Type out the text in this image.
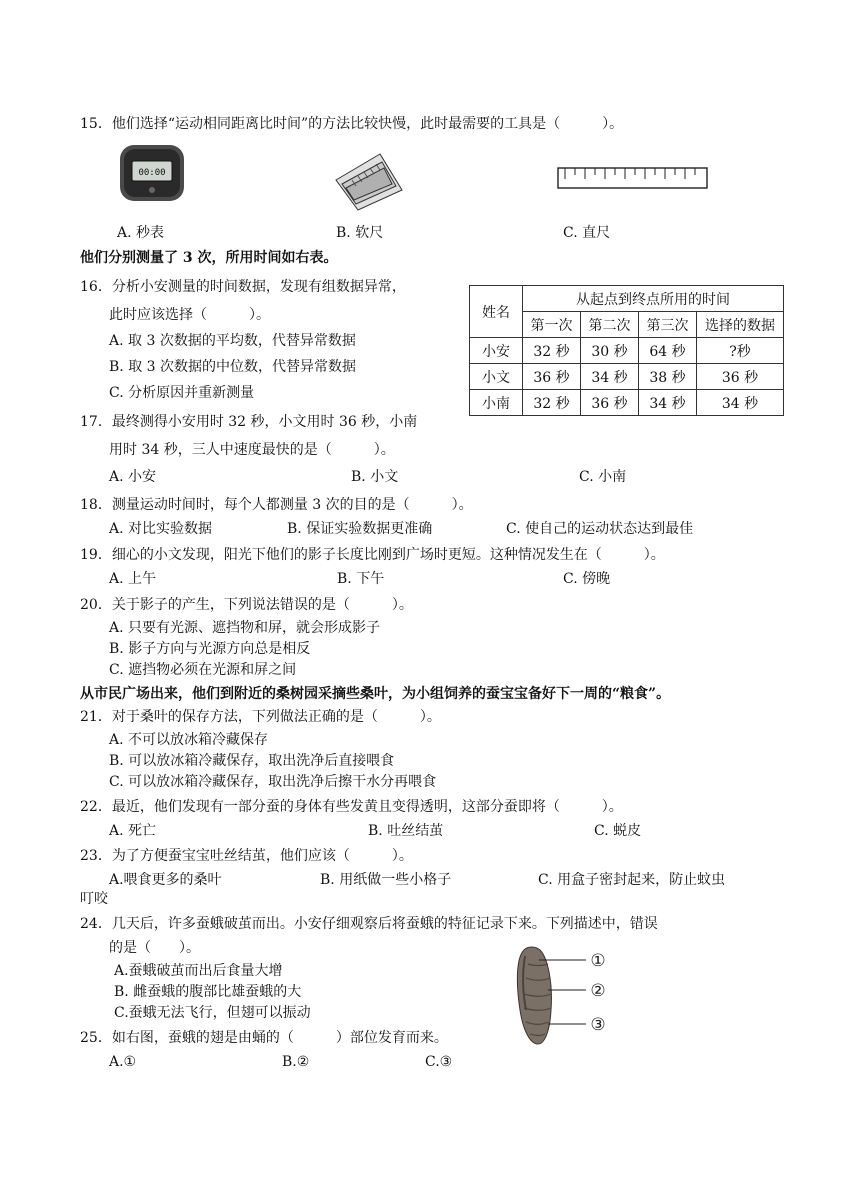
15．他们选择“运动相同距离比时间”的方法比较快慢，此时最需要的工具是（　　　）。
00:00
A. 秒表	B. 软尺	C. 直尺
他们分别测量了 3 次，所用时间如右表。
16．分析小安测量的时间数据，发现有组数据异常，
此时应该选择（　　　）。
A. 取 3 次数据的平均数，代替异常数据
B. 取 3 次数据的中位数，代替异常数据
C. 分析原因并重新测量
姓名	从起点到终点所用的时间			
	第一次	第二次	第三次	选择的数据
小安	32 秒	30 秒	64 秒	?秒
小文	36 秒	34 秒	38 秒	36 秒
小南	32 秒	36 秒	34 秒	34 秒
17．最终测得小安用时 32 秒，小文用时 36 秒，小南
用时 34 秒，三人中速度最快的是（　　　）。
A. 小安	B. 小文	C. 小南
18．测量运动时间时，每个人都测量 3 次的目的是（　　　）。
A. 对比实验数据	B. 保证实验数据更准确	C. 使自己的运动状态达到最佳
19．细心的小文发现，阳光下他们的影子长度比刚到广场时更短。这种情况发生在（　　　）。
A. 上午	B. 下午	C. 傍晚
20．关于影子的产生，下列说法错误的是（　　　）。
A. 只要有光源、遮挡物和屏，就会形成影子
B. 影子方向与光源方向总是相反
C. 遮挡物必须在光源和屏之间
从市民广场出来，他们到附近的桑树园采摘些桑叶，为小组饲养的蚕宝宝备好下一周的“粮食”。
21．对于桑叶的保存方法，下列做法正确的是（　　　）。
A. 不可以放冰箱冷藏保存
B. 可以放冰箱冷藏保存，取出洗净后直接喂食
C. 可以放冰箱冷藏保存，取出洗净后擦干水分再喂食
22．最近，他们发现有一部分蚕的身体有些发黄且变得透明，这部分蚕即将（　　　）。
A. 死亡	B. 吐丝结茧	C. 蜕皮
23．为了方便蚕宝宝吐丝结茧，他们应该（　　　）。
A.喂食更多的桑叶	B. 用纸做一些小格子	C. 用盒子密封起来，防止蚊虫
叮咬
24．几天后，许多蚕蛾破茧而出。小安仔细观察后将蚕蛾的特征记录下来。下列描述中，错误
的是（　　）。
A.蚕蛾破茧而出后食量大增
B. 雌蚕蛾的腹部比雄蚕蛾的大
C.蚕蛾无法飞行，但翅可以振动
①
②
③
25．如右图，蚕蛾的翅是由蛹的（　　　）部位发育而来。
A.①	B.②	C.③
